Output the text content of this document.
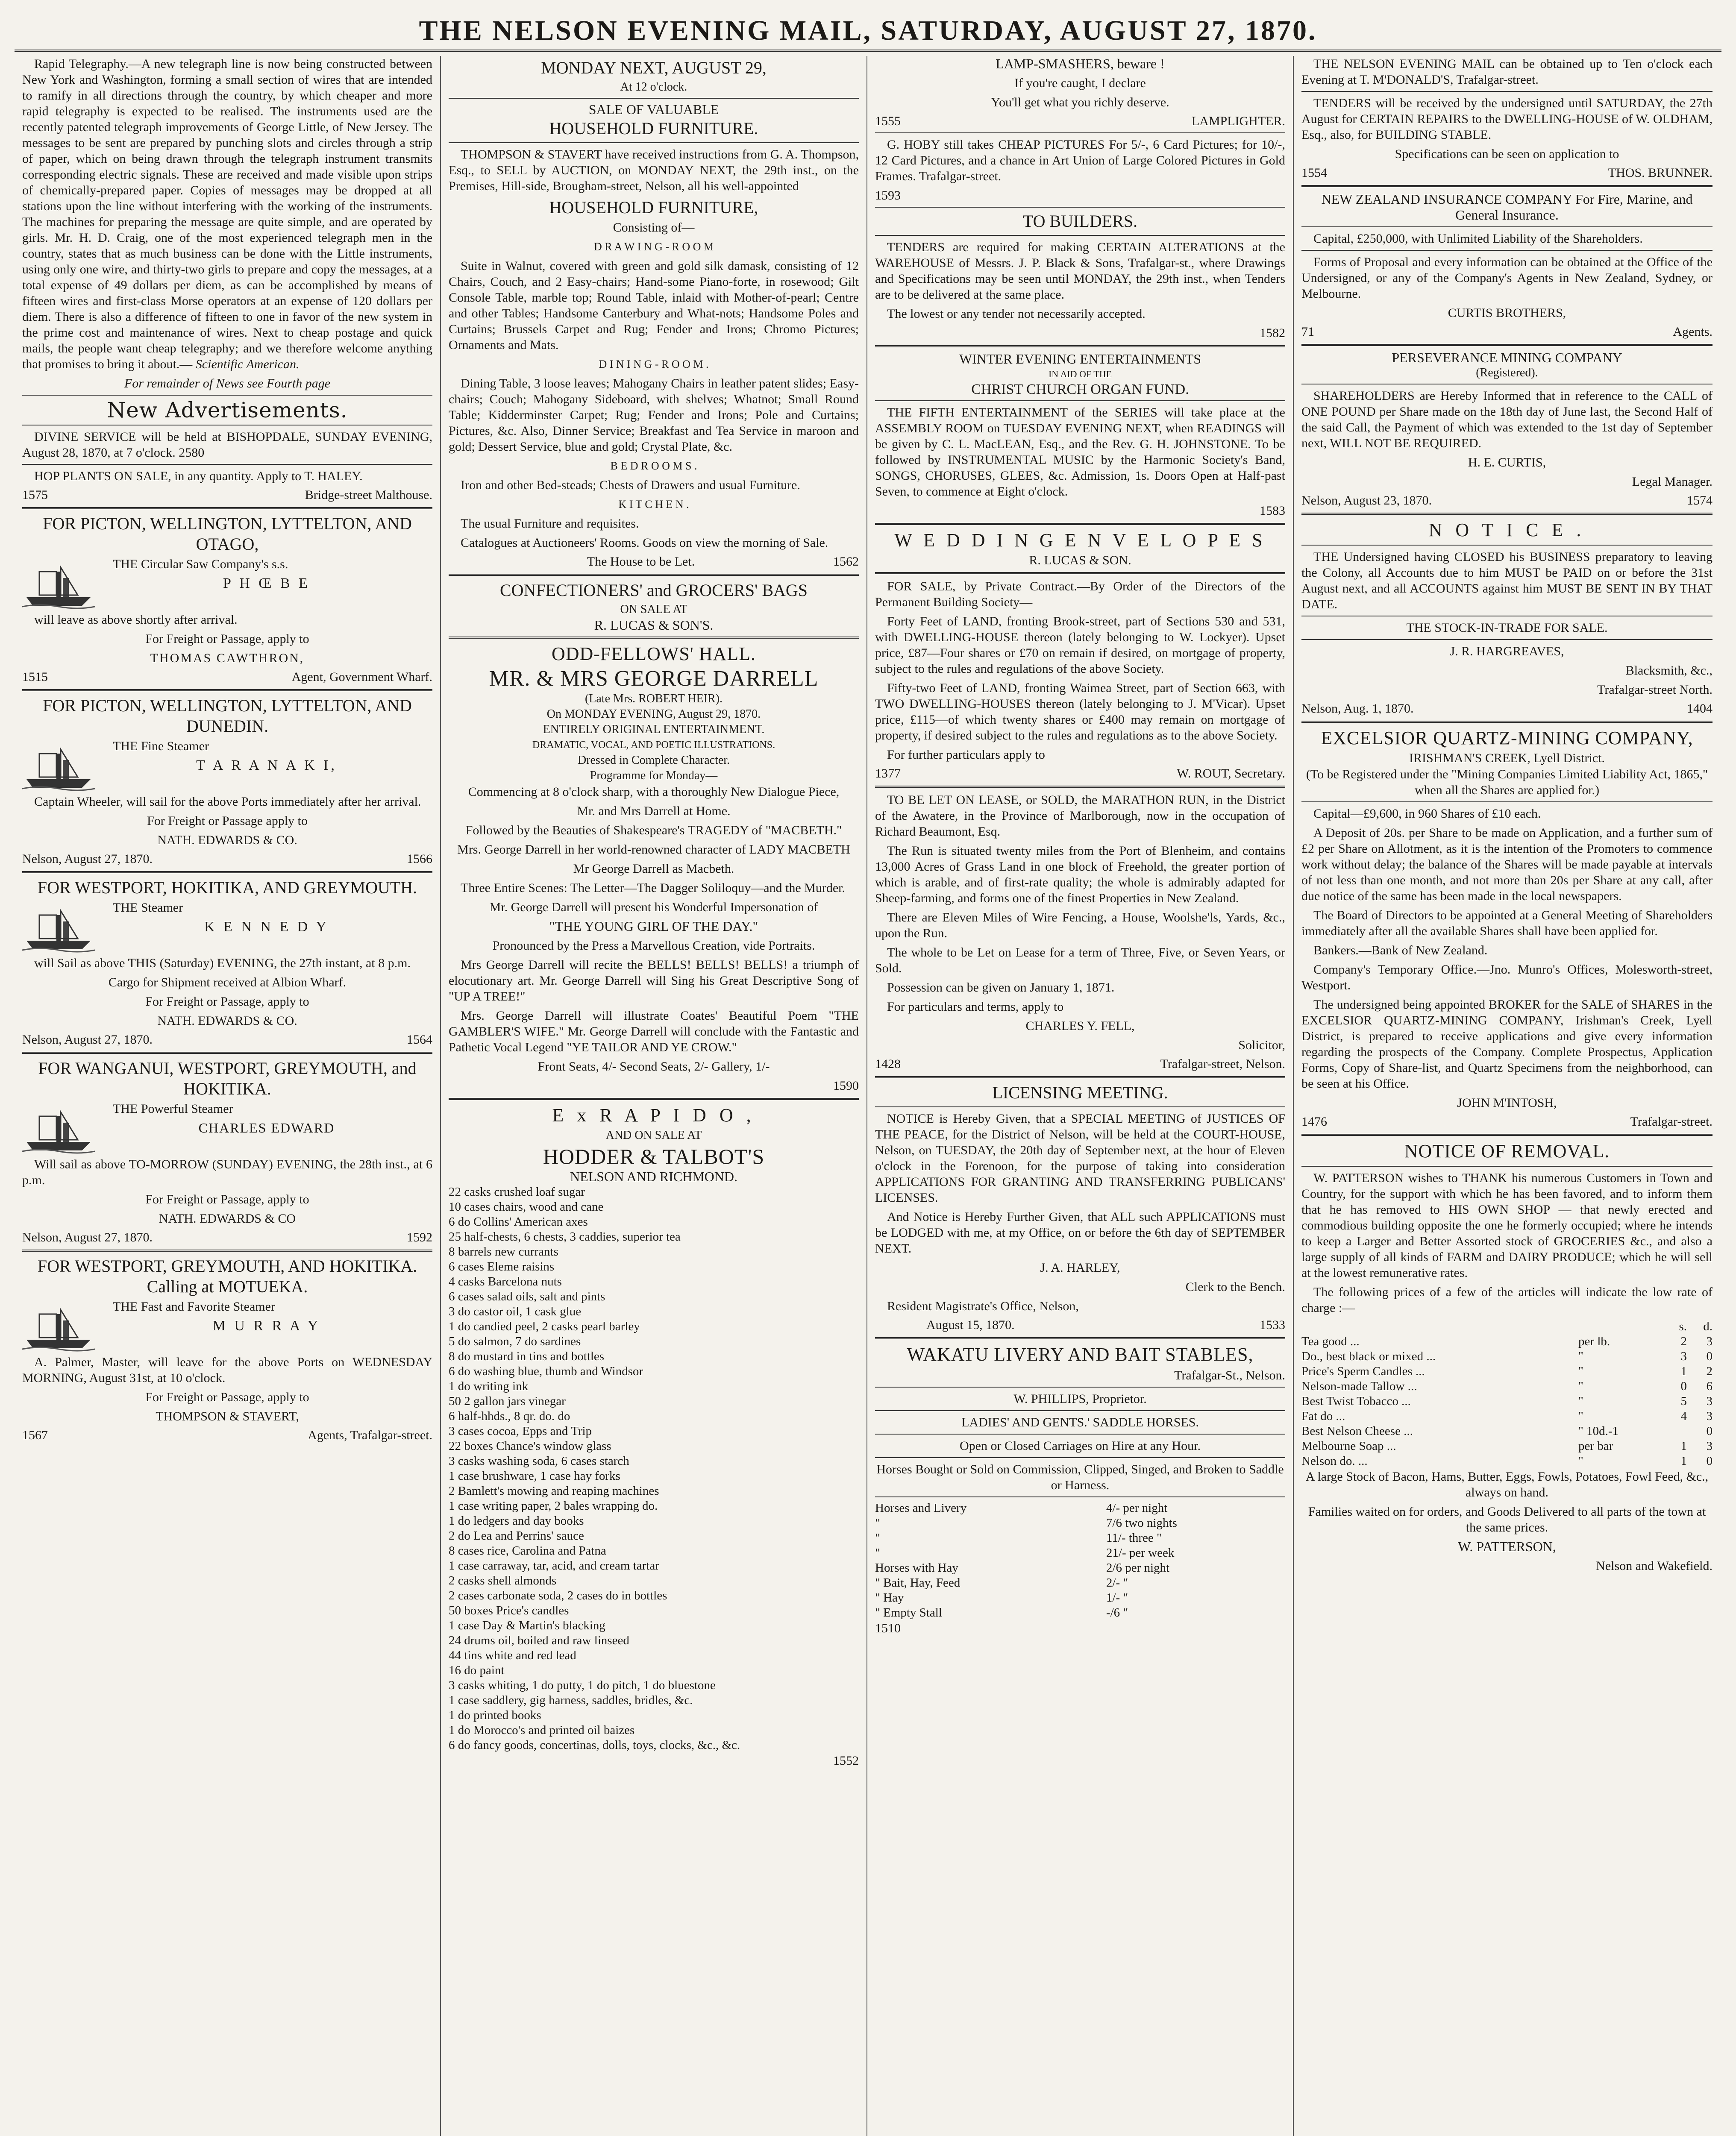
THE NELSON EVENING MAIL, SATURDAY, AUGUST 27, 1870.

Rapid Telegraphy.—A new telegraph line is now being constructed between New York and Washington, forming a small section of wires that are intended to ramify in all directions through the country, by which cheaper and more rapid telegraphy is expected to be realised. The instruments used are the recently patented telegraph improvements of George Little, of New Jersey. The messages to be sent are prepared by punching slots and circles through a strip of paper, which on being drawn through the telegraph instrument transmits corresponding electric signals. These are received and made visible upon strips of chemically-prepared paper. Copies of messages may be dropped at all stations upon the line without interfering with the working of the instruments. The machines for preparing the message are quite simple, and are operated by girls. Mr. H. D. Craig, one of the most experienced telegraph men in the country, states that as much business can be done with the Little instruments, using only one wire, and thirty-two girls to prepare and copy the messages, at a total expense of 49 dollars per diem, as can be accomplished by means of fifteen wires and first-class Morse operators at an expense of 120 dollars per diem. There is also a difference of fifteen to one in favor of the new system in the prime cost and maintenance of wires. Next to cheap postage and quick mails, the people want cheap telegraphy; and we therefore welcome anything that promises to bring it about.— Scientific American.

For remainder of News see Fourth page

New Advertisements.

DIVINE SERVICE will be held at BISHOPDALE, SUNDAY EVENING, August 28, 1870, at 7 o'clock. 2580

HOP PLANTS ON SALE, in any quantity. Apply to T. HALEY.

1575	Bridge-street Malthouse.
FOR PICTON, WELLINGTON, LYTTELTON, AND OTAGO,

THE Circular Saw Company's s.s.

P H Œ B E

will leave as above shortly after arrival.

For Freight or Passage, apply to

THOMAS CAWTHRON,

1515	Agent, Government Wharf.
FOR PICTON, WELLINGTON, LYTTELTON, AND DUNEDIN.

THE Fine Steamer

T A R A N A K I,

Captain Wheeler, will sail for the above Ports immediately after her arrival.

For Freight or Passage apply to

NATH. EDWARDS & CO.

Nelson, August 27, 1870.	1566
FOR WESTPORT, HOKITIKA, AND GREYMOUTH.

THE Steamer

K E N N E D Y

will Sail as above THIS (Saturday) EVENING, the 27th instant, at 8 p.m.

Cargo for Shipment received at Albion Wharf.

For Freight or Passage, apply to

NATH. EDWARDS & CO.

Nelson, August 27, 1870.	1564
FOR WANGANUI, WESTPORT, GREYMOUTH, and HOKITIKA.

THE Powerful Steamer

CHARLES EDWARD

Will sail as above TO-MORROW (SUNDAY) EVENING, the 28th inst., at 6 p.m.

For Freight or Passage, apply to

NATH. EDWARDS & CO

Nelson, August 27, 1870.	1592
FOR WESTPORT, GREYMOUTH, AND HOKITIKA. Calling at MOTUEKA.

THE Fast and Favorite Steamer

M U R R A Y

A. Palmer, Master, will leave for the above Ports on WEDNESDAY MORNING, August 31st, at 10 o'clock.

For Freight or Passage, apply to

THOMPSON & STAVERT,

1567	Agents, Trafalgar-street.
MONDAY NEXT, AUGUST 29,
At 12 o'clock.
SALE OF VALUABLE
HOUSEHOLD FURNITURE.

THOMPSON & STAVERT have received instructions from G. A. Thompson, Esq., to SELL by AUCTION, on MONDAY NEXT, the 29th inst., on the Premises, Hill-side, Brougham-street, Nelson, all his well-appointed

HOUSEHOLD FURNITURE,

Consisting of—

D R A W I N G - R O O M

Suite in Walnut, covered with green and gold silk damask, consisting of 12 Chairs, Couch, and 2 Easy-chairs; Hand-some Piano-forte, in rosewood; Gilt Console Table, marble top; Round Table, inlaid with Mother-of-pearl; Centre and other Tables; Handsome Canterbury and What-nots; Handsome Poles and Curtains; Brussels Carpet and Rug; Fender and Irons; Chromo Pictures; Ornaments and Mats.

D I N I N G - R O O M .

Dining Table, 3 loose leaves; Mahogany Chairs in leather patent slides; Easy-chairs; Couch; Mahogany Sideboard, with shelves; Whatnot; Small Round Table; Kidderminster Carpet; Rug; Fender and Irons; Pole and Curtains; Pictures, &c. Also, Dinner Service; Breakfast and Tea Service in maroon and gold; Dessert Service, blue and gold; Crystal Plate, &c.

B E D R O O M S .

Iron and other Bed-steads; Chests of Drawers and usual Furniture.

K I T C H E N .

The usual Furniture and requisites.

Catalogues at Auctioneers' Rooms. Goods on view the morning of Sale.

The House to be Let.	1562
CONFECTIONERS' and GROCERS' BAGS
ON SALE AT
R. LUCAS & SON'S.
ODD-FELLOWS' HALL.
MR. & MRS GEORGE DARRELL
(Late Mrs. ROBERT HEIR).
On MONDAY EVENING, August 29, 1870.
ENTIRELY ORIGINAL ENTERTAINMENT.
DRAMATIC, VOCAL, AND POETIC ILLUSTRATIONS.
Dressed in Complete Character.
Programme for Monday—

Commencing at 8 o'clock sharp, with a thoroughly New Dialogue Piece,

Mr. and Mrs Darrell at Home.

Followed by the Beauties of Shakespeare's TRAGEDY of "MACBETH."

Mrs. George Darrell in her world-renowned character of LADY MACBETH

Mr George Darrell as Macbeth.

Three Entire Scenes: The Letter—The Dagger Soliloquy—and the Murder.

Mr. George Darrell will present his Wonderful Impersonation of

"THE YOUNG GIRL OF THE DAY."

Pronounced by the Press a Marvellous Creation, vide Portraits.

Mrs George Darrell will recite the BELLS! BELLS! BELLS! a triumph of elocutionary art. Mr. George Darrell will Sing his Great Descriptive Song of "UP A TREE!"

Mrs. George Darrell will illustrate Coates' Beautiful Poem "THE GAMBLER'S WIFE." Mr. George Darrell will conclude with the Fantastic and Pathetic Vocal Legend "YE TAILOR AND YE CROW."

Front Seats, 4/- Second Seats, 2/- Gallery, 1/-

1590
E x R A P I D O ,
AND ON SALE AT
HODDER & TALBOT'S
NELSON AND RICHMOND.
22 casks crushed loaf sugar
10 cases chairs, wood and cane
6 do Collins' American axes
25 half-chests, 6 chests, 3 caddies, superior tea
8 barrels new currants
6 cases Eleme raisins
4 casks Barcelona nuts
6 cases salad oils, salt and pints
3 do castor oil, 1 cask glue
1 do candied peel, 2 casks pearl barley
5 do salmon, 7 do sardines
8 do mustard in tins and bottles
6 do washing blue, thumb and Windsor
1 do writing ink
50 2 gallon jars vinegar
6 half-hhds., 8 qr. do. do
3 cases cocoa, Epps and Trip
22 boxes Chance's window glass
3 casks washing soda, 6 cases starch
1 case brushware, 1 case hay forks
2 Bamlett's mowing and reaping machines
1 case writing paper, 2 bales wrapping do.
1 do ledgers and day books
2 do Lea and Perrins' sauce
8 cases rice, Carolina and Patna
1 case carraway, tar, acid, and cream tartar
2 casks shell almonds
2 cases carbonate soda, 2 cases do in bottles
50 boxes Price's candles
1 case Day & Martin's blacking
24 drums oil, boiled and raw linseed
44 tins white and red lead
16 do paint
3 casks whiting, 1 do putty, 1 do pitch, 1 do bluestone
1 case saddlery, gig harness, saddles, bridles, &c.
1 do printed books
1 do Morocco's and printed oil baizes
6 do fancy goods, concertinas, dolls, toys, clocks, &c., &c.
1552

LAMP-SMASHERS, beware !

If you're caught, I declare

You'll get what you richly deserve.

1555	LAMPLIGHTER.

G. HOBY still takes CHEAP PICTURES For 5/-, 6 Card Pictures; for 10/-, 12 Card Pictures, and a chance in Art Union of Large Colored Pictures in Gold Frames. Trafalgar-street.

1593
TO BUILDERS.

TENDERS are required for making CERTAIN ALTERATIONS at the WAREHOUSE of Messrs. J. P. Black & Sons, Trafalgar-st., where Drawings and Specifications may be seen until MONDAY, the 29th inst., when Tenders are to be delivered at the same place.

The lowest or any tender not necessarily accepted.

1582
WINTER EVENING ENTERTAINMENTS
IN AID OF THE
CHRIST CHURCH ORGAN FUND.

THE FIFTH ENTERTAINMENT of the SERIES will take place at the ASSEMBLY ROOM on TUESDAY EVENING NEXT, when READINGS will be given by C. L. MacLEAN, Esq., and the Rev. G. H. JOHNSTONE. To be followed by INSTRUMENTAL MUSIC by the Harmonic Society's Band, SONGS, CHORUSES, GLEES, &c. Admission, 1s. Doors Open at Half-past Seven, to commence at Eight o'clock.

1583
W E D D I N G E N V E L O P E S
R. LUCAS & SON.

FOR SALE, by Private Contract.—By Order of the Directors of the Permanent Building Society—

Forty Feet of LAND, fronting Brook-street, part of Sections 530 and 531, with DWELLING-HOUSE thereon (lately belonging to W. Lockyer). Upset price, £87—Four shares or £70 on remain if desired, on mortgage of property, subject to the rules and regulations of the above Society.

Fifty-two Feet of LAND, fronting Waimea Street, part of Section 663, with TWO DWELLING-HOUSES thereon (lately belonging to J. M'Vicar). Upset price, £115—of which twenty shares or £400 may remain on mortgage of property, if desired subject to the rules and regulations as to the above Society.

For further particulars apply to

1377	W. ROUT, Secretary.

TO BE LET ON LEASE, or SOLD, the MARATHON RUN, in the District of the Awatere, in the Province of Marlborough, now in the occupation of Richard Beaumont, Esq.

The Run is situated twenty miles from the Port of Blenheim, and contains 13,000 Acres of Grass Land in one block of Freehold, the greater portion of which is arable, and of first-rate quality; the whole is admirably adapted for Sheep-farming, and forms one of the finest Properties in New Zealand.

There are Eleven Miles of Wire Fencing, a House, Woolshe'ls, Yards, &c., upon the Run.

The whole to be Let on Lease for a term of Three, Five, or Seven Years, or Sold.

Possession can be given on January 1, 1871.

For particulars and terms, apply to

CHARLES Y. FELL,

Solicitor,

1428	Trafalgar-street, Nelson.
LICENSING MEETING.

NOTICE is Hereby Given, that a SPECIAL MEETING of JUSTICES OF THE PEACE, for the District of Nelson, will be held at the COURT-HOUSE, Nelson, on TUESDAY, the 20th day of September next, at the hour of Eleven o'clock in the Forenoon, for the purpose of taking into consideration APPLICATIONS FOR GRANTING AND TRANSFERRING PUBLICANS' LICENSES.

And Notice is Hereby Further Given, that ALL such APPLICATIONS must be LODGED with me, at my Office, on or before the 6th day of SEPTEMBER NEXT.

J. A. HARLEY,

Clerk to the Bench.

Resident Magistrate's Office, Nelson,

August 15, 1870.	1533
WAKATU LIVERY AND BAIT STABLES,
Trafalgar-St., Nelson.

W. PHILLIPS, Proprietor.

LADIES' AND GENTS.' SADDLE HORSES.

Open or Closed Carriages on Hire at any Hour.

Horses Bought or Sold on Commission, Clipped, Singed, and Broken to Saddle or Harness.

Horses and Livery	4/- per night
"	7/6 two nights
"	11/- three "
"	21/- per week
Horses with Hay	2/6 per night
" Bait, Hay, Feed	2/- "
" Hay	1/- "
" Empty Stall	-/6 "
1510

THE NELSON EVENING MAIL can be obtained up to Ten o'clock each Evening at T. M'DONALD'S, Trafalgar-street.

TENDERS will be received by the undersigned until SATURDAY, the 27th August for CERTAIN REPAIRS to the DWELLING-HOUSE of W. OLDHAM, Esq., also, for BUILDING STABLE.

Specifications can be seen on application to

1554	THOS. BRUNNER.

NEW ZEALAND INSURANCE COMPANY For Fire, Marine, and General Insurance.

Capital, £250,000, with Unlimited Liability of the Shareholders.

Forms of Proposal and every information can be obtained at the Office of the Undersigned, or any of the Company's Agents in New Zealand, Sydney, or Melbourne.

CURTIS BROTHERS,

71	Agents.
PERSEVERANCE MINING COMPANY
(Registered).

SHAREHOLDERS are Hereby Informed that in reference to the CALL of ONE POUND per Share made on the 18th day of June last, the Second Half of the said Call, the Payment of which was extended to the 1st day of September next, WILL NOT BE REQUIRED.

H. E. CURTIS,

Legal Manager.

Nelson, August 23, 1870.	1574
N O T I C E .

THE Undersigned having CLOSED his BUSINESS preparatory to leaving the Colony, all Accounts due to him MUST be PAID on or before the 31st August next, and all ACCOUNTS against him MUST BE SENT IN BY THAT DATE.

THE STOCK-IN-TRADE FOR SALE.

J. R. HARGREAVES,

Blacksmith, &c.,

Trafalgar-street North.

Nelson, Aug. 1, 1870.	1404
EXCELSIOR QUARTZ-MINING COMPANY,
IRISHMAN'S CREEK, Lyell District.

(To be Registered under the "Mining Companies Limited Liability Act, 1865," when all the Shares are applied for.)

Capital—£9,600, in 960 Shares of £10 each.

A Deposit of 20s. per Share to be made on Application, and a further sum of £2 per Share on Allotment, as it is the intention of the Promoters to commence work without delay; the balance of the Shares will be made payable at intervals of not less than one month, and not more than 20s per Share at any call, after due notice of the same has been made in the local newspapers.

The Board of Directors to be appointed at a General Meeting of Shareholders immediately after all the available Shares shall have been applied for.

Bankers.—Bank of New Zealand.

Company's Temporary Office.—Jno. Munro's Offices, Molesworth-street, Westport.

The undersigned being appointed BROKER for the SALE of SHARES in the EXCELSIOR QUARTZ-MINING COMPANY, Irishman's Creek, Lyell District, is prepared to receive applications and give every information regarding the prospects of the Company. Complete Prospectus, Application Forms, Copy of Share-list, and Quartz Specimens from the neighborhood, can be seen at his Office.

JOHN M'INTOSH,

1476	Trafalgar-street.
NOTICE OF REMOVAL.

W. PATTERSON wishes to THANK his numerous Customers in Town and Country, for the support with which he has been favored, and to inform them that he has removed to HIS OWN SHOP — that newly erected and commodious building opposite the one he formerly occupied; where he intends to keep a Larger and Better Assorted stock of GROCERIES &c., and also a large supply of all kinds of FARM and DAIRY PRODUCE; which he will sell at the lowest remunerative rates.

The following prices of a few of the articles will indicate the low rate of charge :—

		s.	d.
Tea good ...	per lb.	2	3
Do., best black or mixed ...	"	3	0
Price's Sperm Candles ...	"	1	2
Nelson-made Tallow ...	"	0	6
Best Twist Tobacco ...	"	5	3
Fat do ...	"	4	3
Best Nelson Cheese ...	" 10d.-1		0
Melbourne Soap ...	per bar	1	3
Nelson do. ...	"	1	0

A large Stock of Bacon, Hams, Butter, Eggs, Fowls, Potatoes, Fowl Feed, &c., always on hand.

Families waited on for orders, and Goods Delivered to all parts of the town at the same prices.

W. PATTERSON,

Nelson and Wakefield.
